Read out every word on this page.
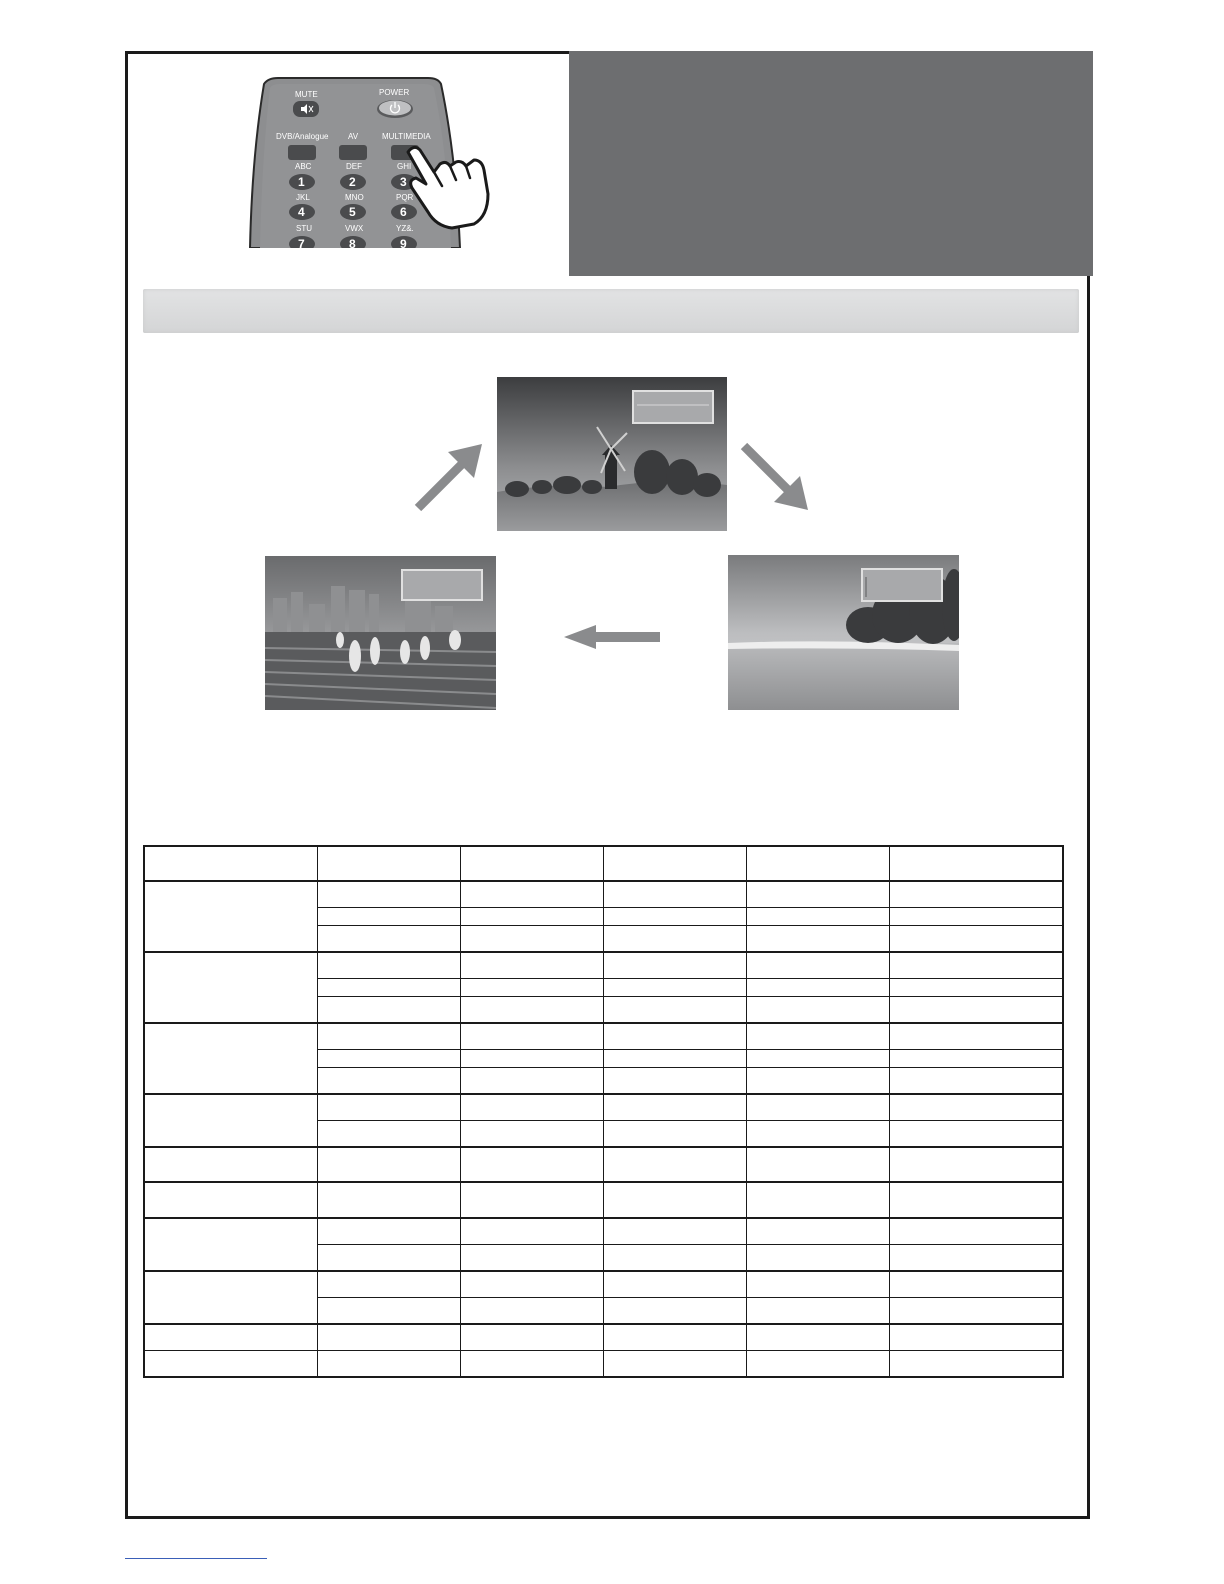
MUTE	POWER
DVB/Analogue AV	MULTIMEDIA
ABC	DEF	GHI
1	2	3
JKL	MNO	PQR
4	5	6
STU	VWX	YZ&.
7	8	9
